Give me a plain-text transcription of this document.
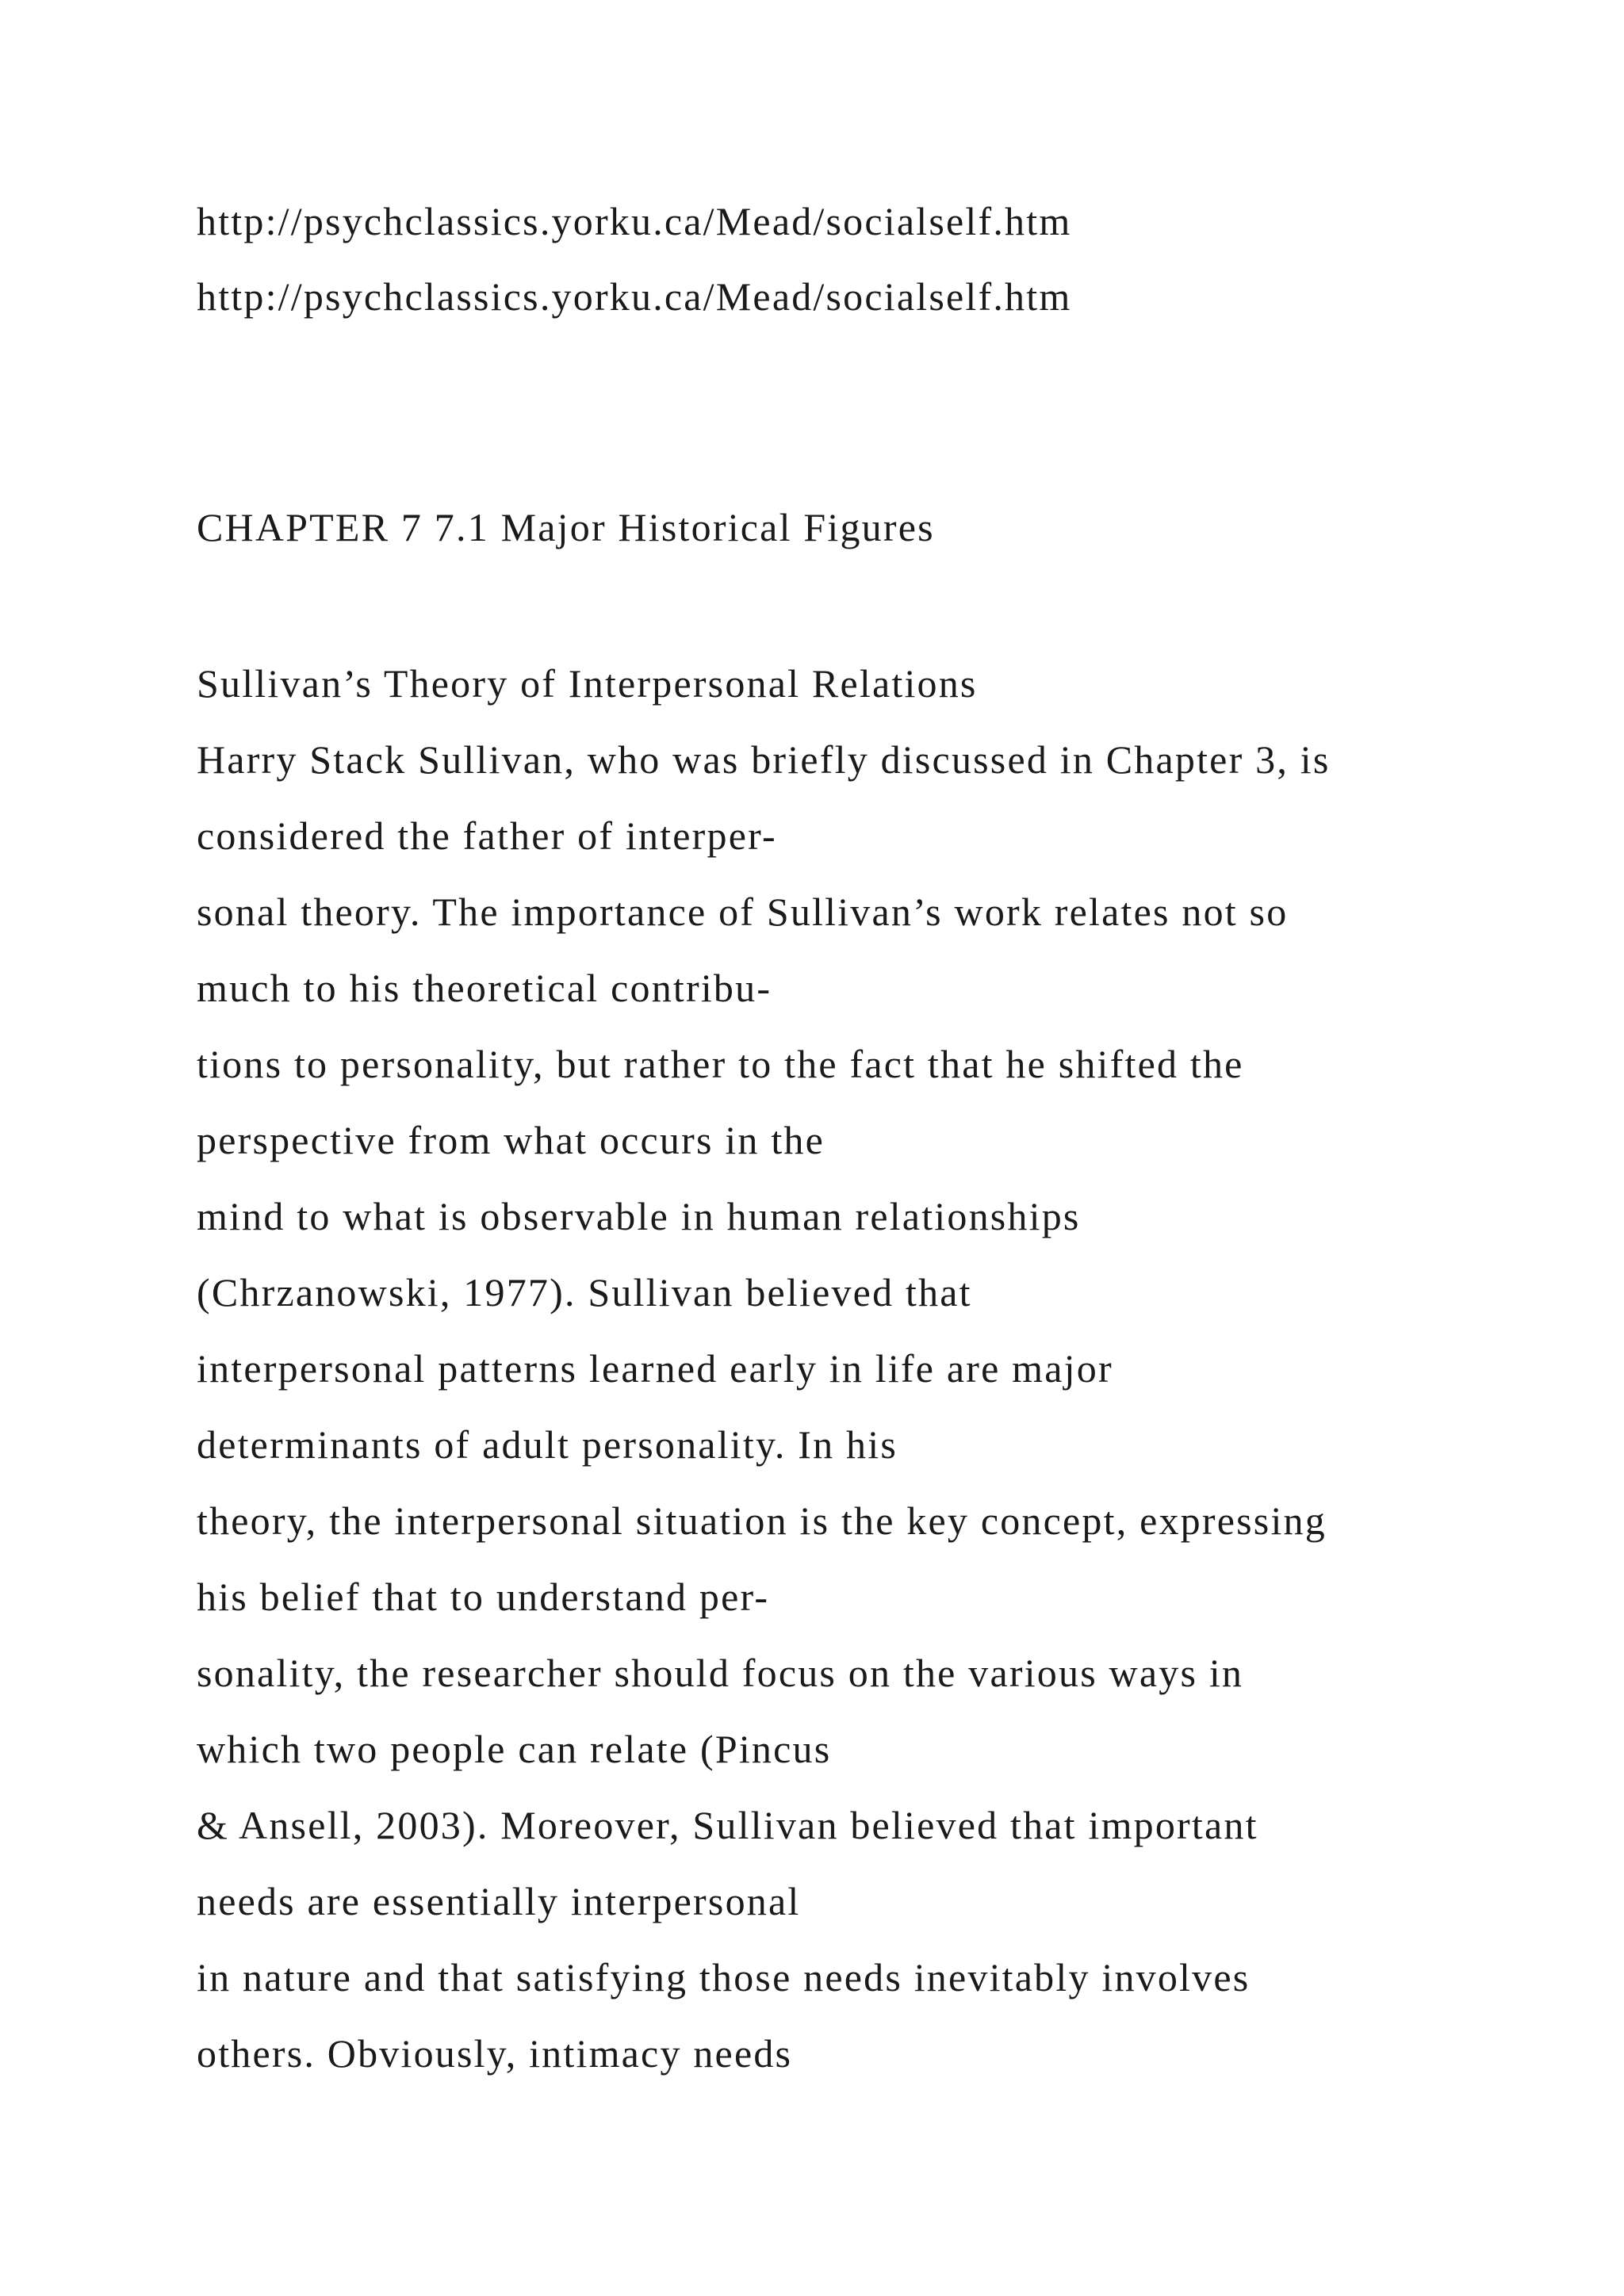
http://psychclassics.yorku.ca/Mead/socialself.htm
http://psychclassics.yorku.ca/Mead/socialself.htm
CHAPTER 7 7.1 Major Historical Figures
Sullivan’s Theory of Interpersonal Relations
Harry Stack Sullivan, who was briefly discussed in Chapter 3, is
considered the father of interper-
sonal theory. The importance of Sullivan’s work relates not so
much to his theoretical contribu-
tions to personality, but rather to the fact that he shifted the
perspective from what occurs in the
mind to what is observable in human relationships
(Chrzanowski, 1977). Sullivan believed that
interpersonal patterns learned early in life are major
determinants of adult personality. In his
theory, the interpersonal situation is the key concept, expressing
his belief that to understand per-
sonality, the researcher should focus on the various ways in
which two people can relate (Pincus
& Ansell, 2003). Moreover, Sullivan believed that important
needs are essentially interpersonal
in nature and that satisfying those needs inevitably involves
others. Obviously, intimacy needs
